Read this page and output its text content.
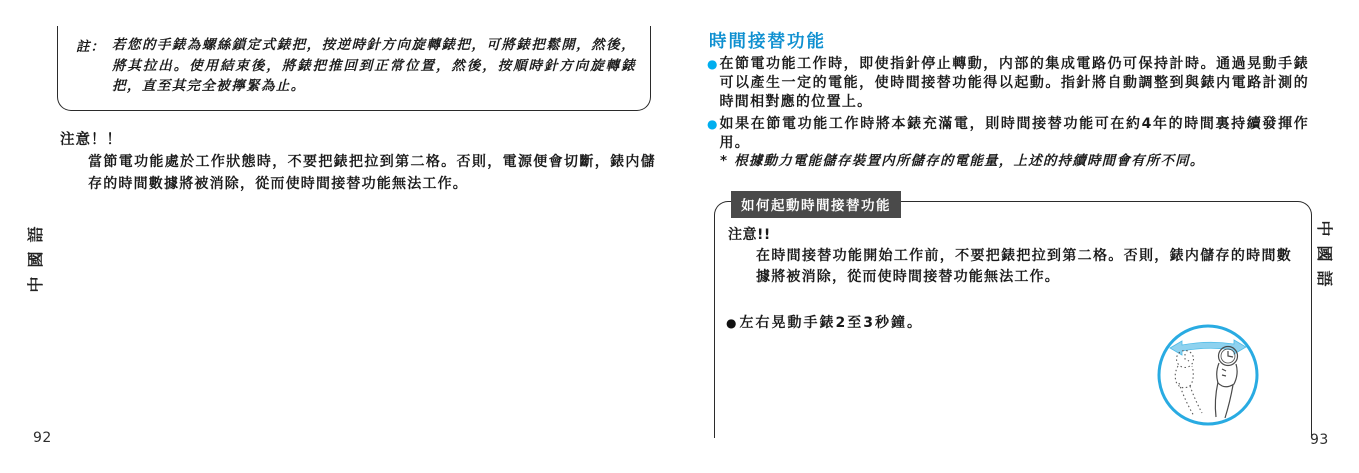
註： 若您的手錶為螺絲鎖定式錶把，按逆時針方向旋轉錶把，可將錶把鬆開，然後，將其拉出。使用結束後，將錶把推回到正常位置，然後，按順時針方向旋轉錶把，直至其完全被擰緊為止。
注意！！
當節電功能處於工作狀態時，不要把錶把拉到第二格。否則，電源便會切斷，錶内儲存的時間數據將被消除，從而使時間接替功能無法工作。
中國語
92
時間接替功能
● 在節電功能工作時，即使指針停止轉動，内部的集成電路仍可保持計時。通過晃動手錶可以產生一定的電能，使時間接替功能得以起動。指針將自動調整到與錶内電路計測的時間相對應的位置上。
● 如果在節電功能工作時將本錶充滿電，則時間接替功能可在約4年的時間裏持續發揮作用。
* 根據動力電能儲存裝置内所儲存的電能量，上述的持續時間會有所不同。
如何起動時間接替功能
注意!!
在時間接替功能開始工作前，不要把錶把拉到第二格。否則，錶内儲存的時間數據將被消除，從而使時間接替功能無法工作。
● 左右晃動手錶2至3秒鐘。
中國語
93
